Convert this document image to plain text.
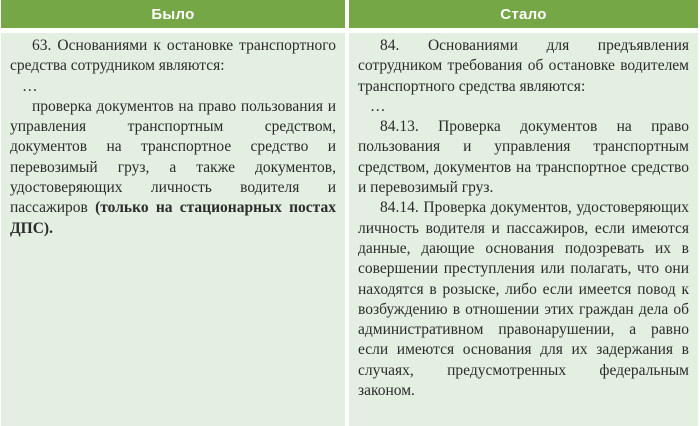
Было	Стало

63. Основаниями к остановке транспортного средства сотрудником являются:

…

проверка документов на право пользования и управления транспортным средством, документов на транспортное средство и перевозимый груз, а также документов, удостоверяющих личность водителя и пассажиров (только на стационарных постах ДПС).

84. Основаниями для предъявления сотрудником требования об остановке водителем транспортного средства являются:

…

84.13. Проверка документов на право пользования и управления транспортным средством, документов на транспортное средство и перевозимый груз.

84.14. Проверка документов, удостоверяющих личность водителя и пассажиров, если имеются данные, дающие основания подозревать их в совершении преступления или полагать, что они находятся в розыске, либо если имеется повод к возбуждению в отношении этих граждан дела об административном правонарушении, а равно если имеются основания для их задержания в случаях, предусмотренных федеральным законом.
